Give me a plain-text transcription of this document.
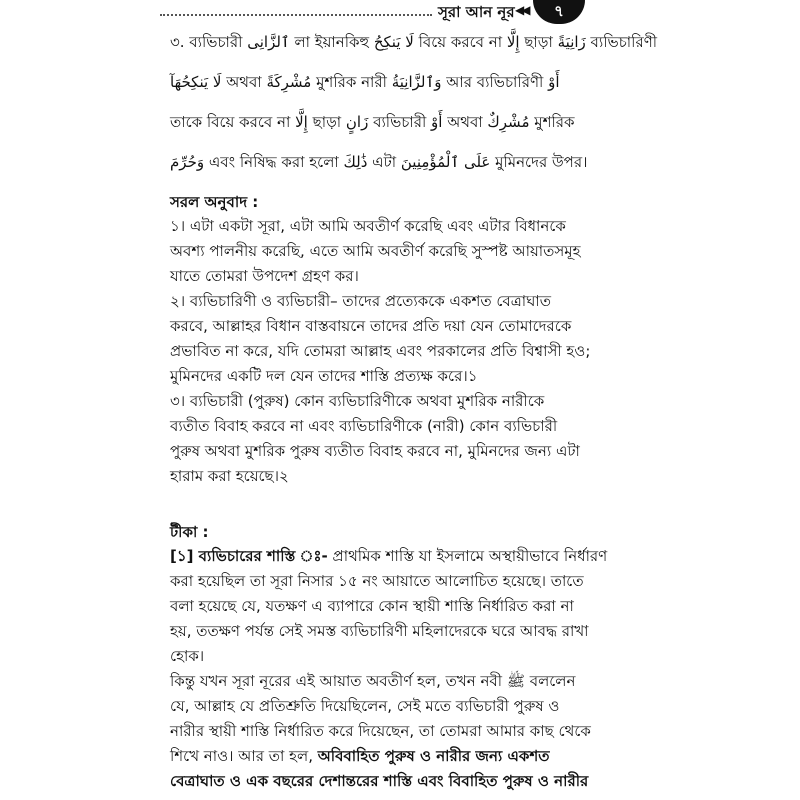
সূরা আন নূর ◀◀	৭
৩. ব্যভিচারী ٱلزَّانِى লা ইয়ানকিহু لَا يَنكِحُ বিয়ে করবে না إِلَّا ছাড়া زَانِيَةً ব্যভিচারিণী
لَا يَنكِحُهَآ অথবা مُشْرِكَةً মুশরিক নারী وَٱلزَّانِيَةُ আর ব্যভিচারিণী أَوْ
তাকে বিয়ে করবে না إِلَّا ছাড়া زَانٍ ব্যভিচারী أَوْ অথবা مُشْرِكٌ মুশরিক
وَحُرِّمَ এবং নিষিদ্ধ করা হলো ذَٰلِكَ এটা عَلَى ٱلْمُؤْمِنِينَ মুমিনদের উপর।
সরল অনুবাদ :
১। এটা একটা সূরা, এটা আমি অবতীর্ণ করেছি এবং এটার বিধানকে
অবশ্য পালনীয় করেছি, এতে আমি অবতীর্ণ করেছি সুস্পষ্ট আয়াতসমূহ
যাতে তোমরা উপদেশ গ্রহণ কর।
২। ব্যভিচারিণী ও ব্যভিচারী– তাদের প্রত্যেককে একশত বেত্রাঘাত
করবে, আল্লাহর বিধান বাস্তবায়নে তাদের প্রতি দয়া যেন তোমাদেরকে
প্রভাবিত না করে, যদি তোমরা আল্লাহ এবং পরকালের প্রতি বিশ্বাসী হও;
মুমিনদের একটি দল যেন তাদের শাস্তি প্রত্যক্ষ করে।১
৩। ব্যভিচারী (পুরুষ) কোন ব্যভিচারিণীকে অথবা মুশরিক নারীকে
ব্যতীত বিবাহ করবে না এবং ব্যভিচারিণীকে (নারী) কোন ব্যভিচারী
পুরুষ অথবা মুশরিক পুরুষ ব্যতীত বিবাহ করবে না, মুমিনদের জন্য এটা
হারাম করা হয়েছে।২
টীকা :
[১] ব্যভিচারের শাস্তি ঃ- প্রাথমিক শাস্তি যা ইসলামে অস্থায়ীভাবে নির্ধারণ
করা হয়েছিল তা সূরা নিসার ১৫ নং আয়াতে আলোচিত হয়েছে। তাতে
বলা হয়েছে যে, যতক্ষণ এ ব্যাপারে কোন স্থায়ী শাস্তি নির্ধারিত করা না
হয়, ততক্ষণ পর্যন্ত সেই সমস্ত ব্যভিচারিণী মহিলাদেরকে ঘরে আবদ্ধ রাখা
হোক।
কিন্তু যখন সূরা নূরের এই আয়াত অবতীর্ণ হল, তখন নবী ﷺ বললেন
যে, আল্লাহ যে প্রতিশ্রুতি দিয়েছিলেন, সেই মতে ব্যভিচারী পুরুষ ও
নারীর স্থায়ী শাস্তি নির্ধারিত করে দিয়েছেন, তা তোমরা আমার কাছ থেকে
শিখে নাও। আর তা হল, অবিবাহিত পুরুষ ও নারীর জন্য একশত
বেত্রাঘাত ও এক বছরের দেশান্তরের শাস্তি এবং বিবাহিত পুরুষ ও নারীর
